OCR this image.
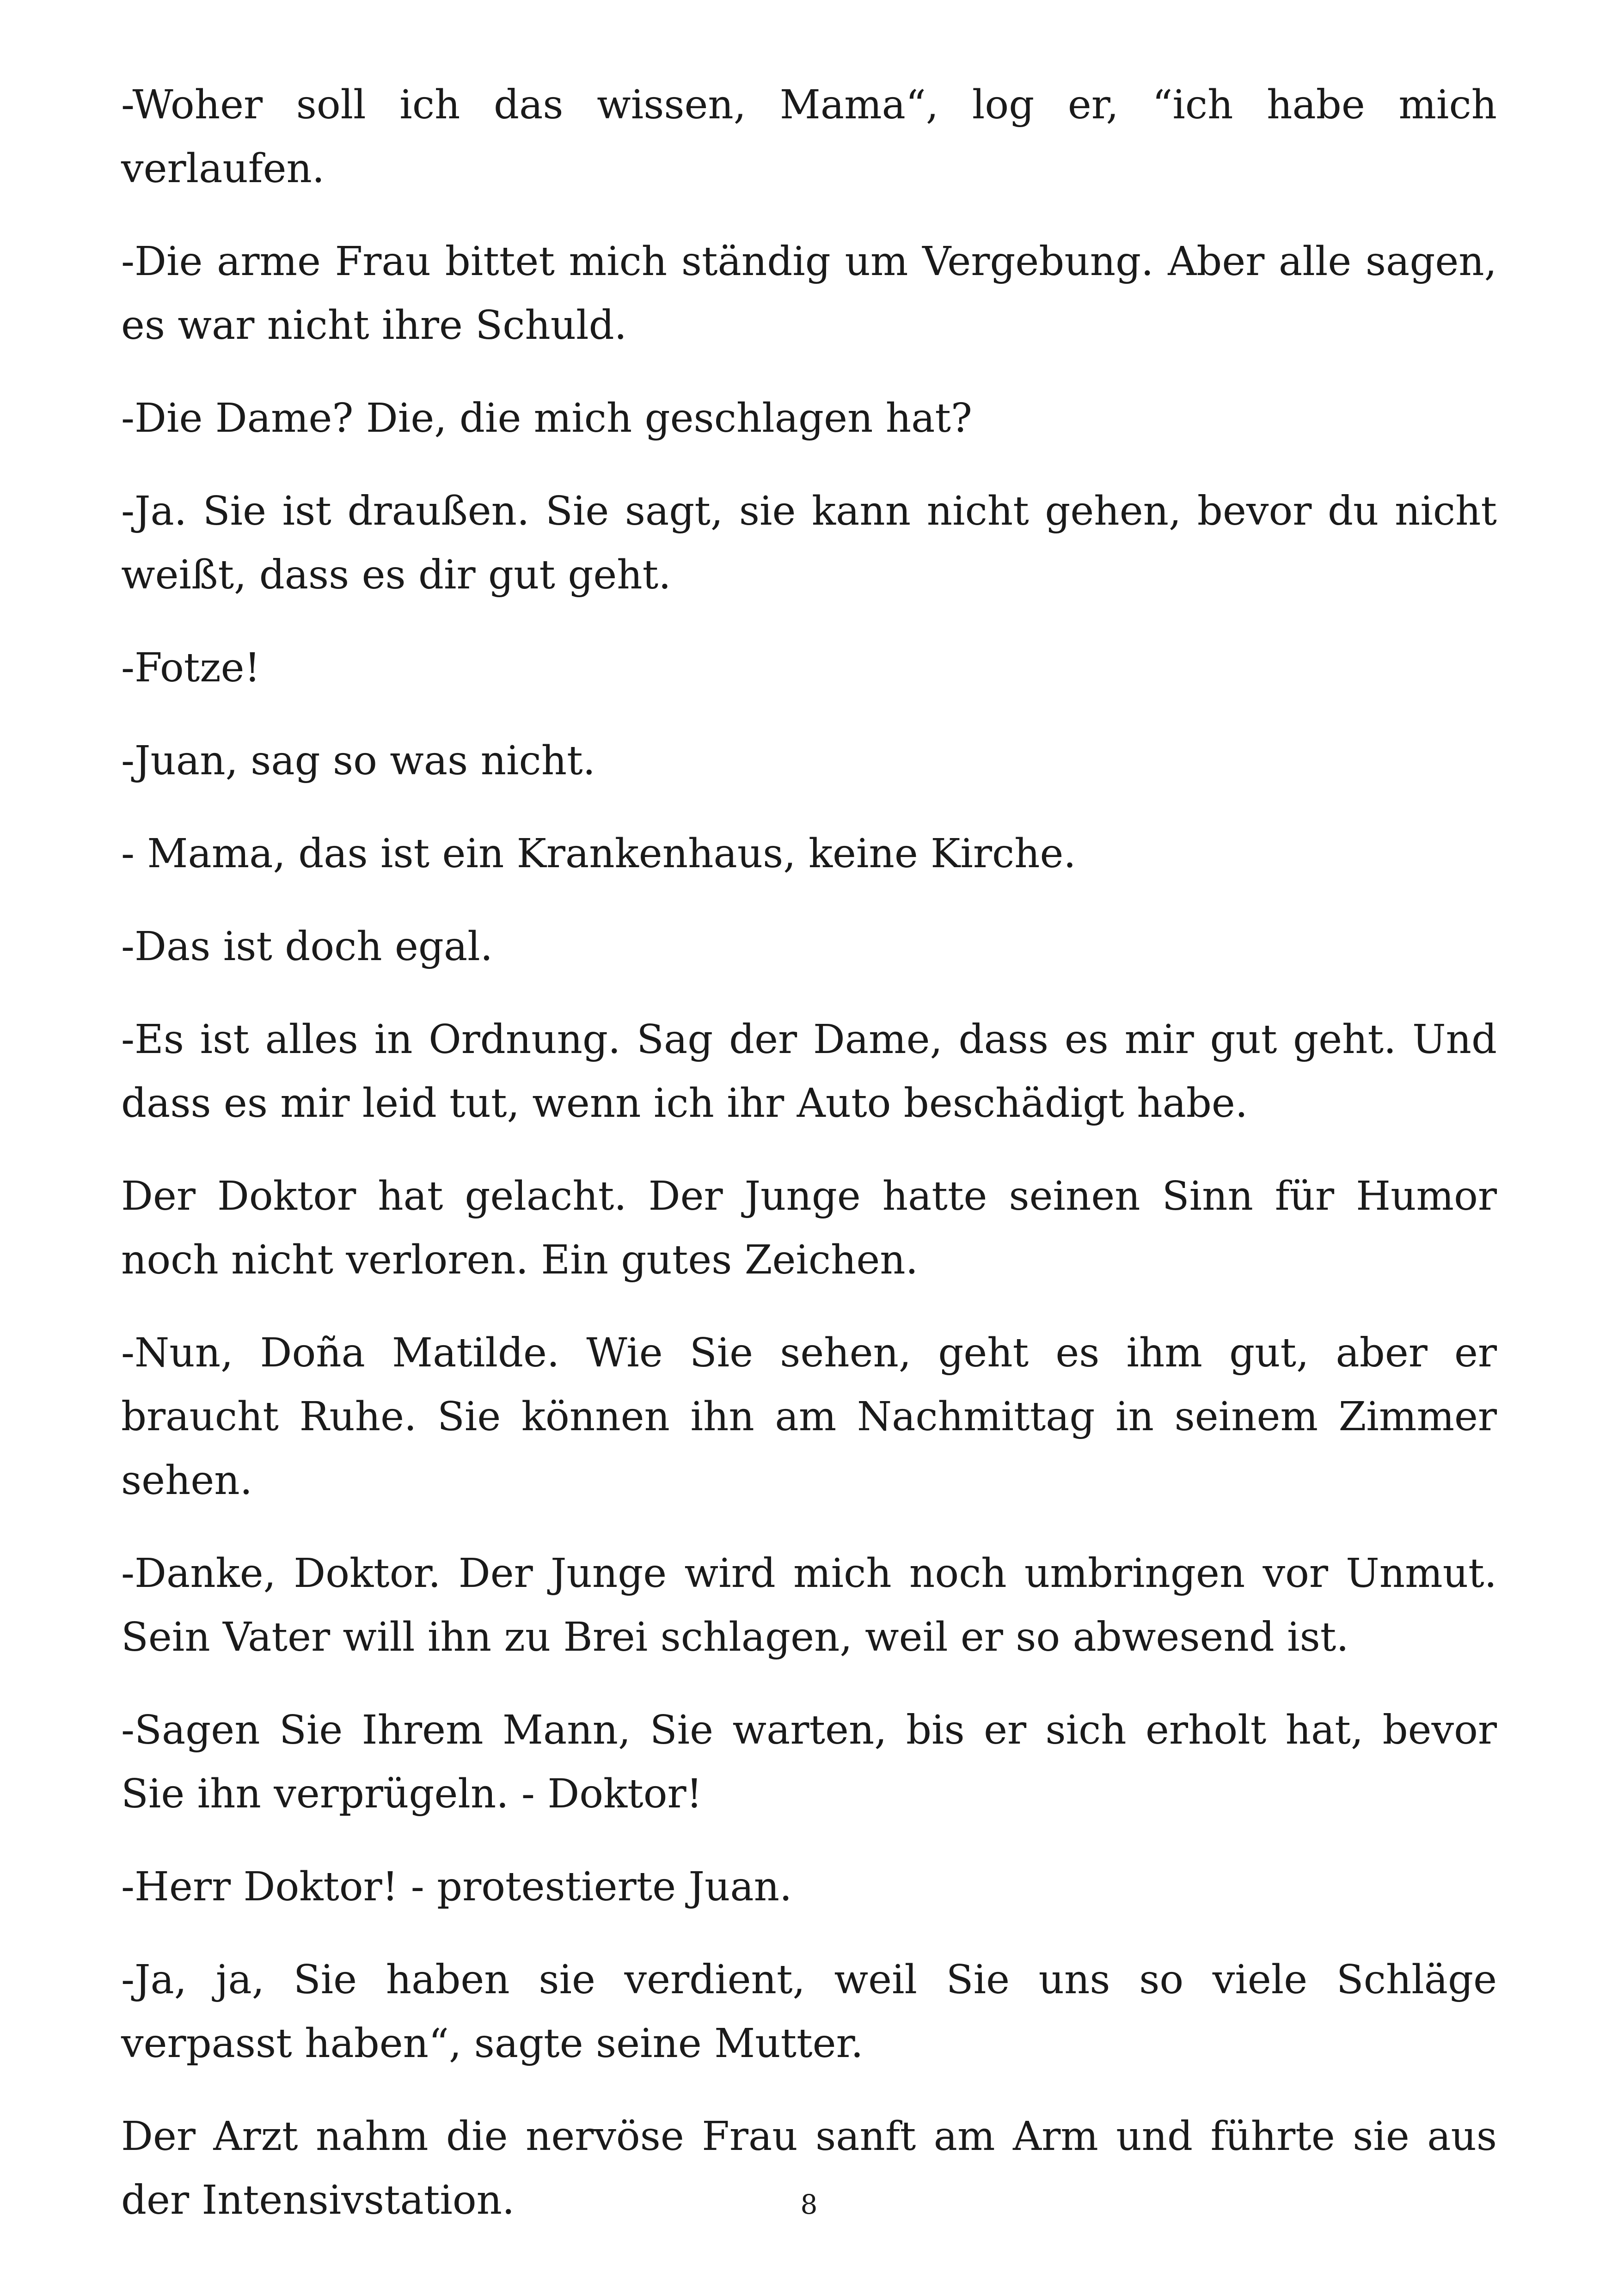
-Woher soll ich das wissen, Mama“, log er, “ich habe mich verlaufen.

-Die arme Frau bittet mich ständig um Vergebung. Aber alle sagen, es war nicht ihre Schuld.

-Die Dame? Die, die mich geschlagen hat?

-Ja. Sie ist draußen. Sie sagt, sie kann nicht gehen, bevor du nicht weißt, dass es dir gut geht.

-Fotze!

-Juan, sag so was nicht.

- Mama, das ist ein Krankenhaus, keine Kirche.

-Das ist doch egal.

-Es ist alles in Ordnung. Sag der Dame, dass es mir gut geht. Und dass es mir leid tut, wenn ich ihr Auto beschädigt habe.

Der Doktor hat gelacht. Der Junge hatte seinen Sinn für Humor noch nicht verloren. Ein gutes Zeichen.

-Nun, Doña Matilde. Wie Sie sehen, geht es ihm gut, aber er braucht Ruhe. Sie können ihn am Nachmittag in seinem Zimmer sehen.

-Danke, Doktor. Der Junge wird mich noch umbringen vor Unmut. Sein Vater will ihn zu Brei schlagen, weil er so abwesend ist.

-Sagen Sie Ihrem Mann, Sie warten, bis er sich erholt hat, bevor Sie ihn verprügeln. - Doktor!

-Herr Doktor! - protestierte Juan.

-Ja, ja, Sie haben sie verdient, weil Sie uns so viele Schläge verpasst haben“, sagte seine Mutter.

Der Arzt nahm die nervöse Frau sanft am Arm und führte sie aus der Intensivstation.	8
